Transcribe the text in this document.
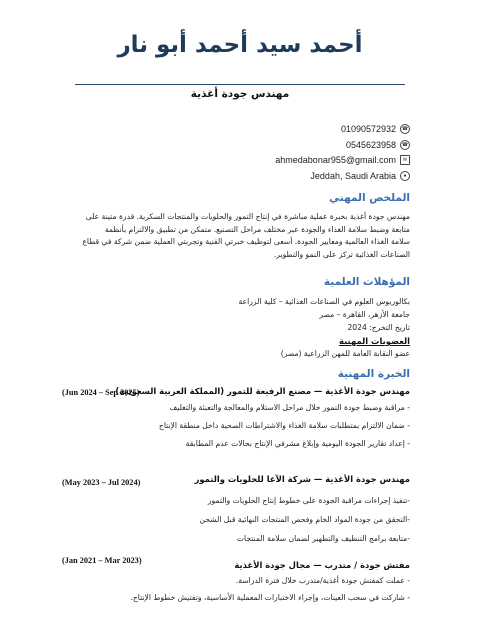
أحمد سيد أحمد أبو نار
مهندس جودة أغذية
01090572932	☎
0545623958	☎
ahmedabonar955@gmail.com	✉
Jeddah, Saudi Arabia	●
الملخص المهني
مهندس جودة أغذية بخبرة عملية مباشرة في إنتاج التمور والحلويات والمنتجات السكرية. قدرة متينة على
متابعة وضبط سلامة الغذاء والجودة عبر مختلف مراحل التصنيع. متمكن من تطبيق والالتزام بأنظمة
سلامة الغذاء العالمية ومعايير الجودة. أسعى لتوظيف خبرتي الفنية وتجربتي العملية ضمن شركة في قطاع
الصناعات الغذائية تركز على النمو والتطوير.
المؤهلات العلمية
بكالوريوس العلوم في الصناعات الغذائية – كلية الزراعة
جامعة الأزهر، القاهرة – مصر
تاريخ التخرج: 2024
العضويات المهنية
عضو النقابة العامة للمهن الزراعية (مصر)
الخبرة المهنية
مهندس جودة الأغذية — مصنع الرفيعة للتمور (المملكة العربية السعودية)
(Jun 2024 – Sep 2025)
- مراقبة وضبط جودة التمور خلال مراحل الاستلام والمعالجة والتعبئة والتغليف
- ضمان الالتزام بمتطلبات سلامة الغذاء والاشتراطات الصحية داخل منطقة الإنتاج
- إعداد تقارير الجودة اليومية وإبلاغ مشرفي الإنتاج بحالات عدم المطابقة
مهندس جودة الأغذية — شركة الآغا للحلويات والتمور
(May 2023 – Jul 2024)
-تنفيذ إجراءات مراقبة الجودة على خطوط إنتاج الحلويات والتمور
-التحقق من جودة المواد الخام وفحص المنتجات النهائية قبل الشحن
-متابعة برامج التنظيف والتطهير لضمان سلامة المنتجات
مفتش جودة / متدرب — مجال جودة الأغذية
(Jan 2021 – Mar 2023)
- عملت كمفتش جودة أغذية/متدرب خلال فترة الدراسة.
- شاركت في سحب العينات، وإجراء الاختبارات المعملية الأساسية، وتفتيش خطوط الإنتاج.
